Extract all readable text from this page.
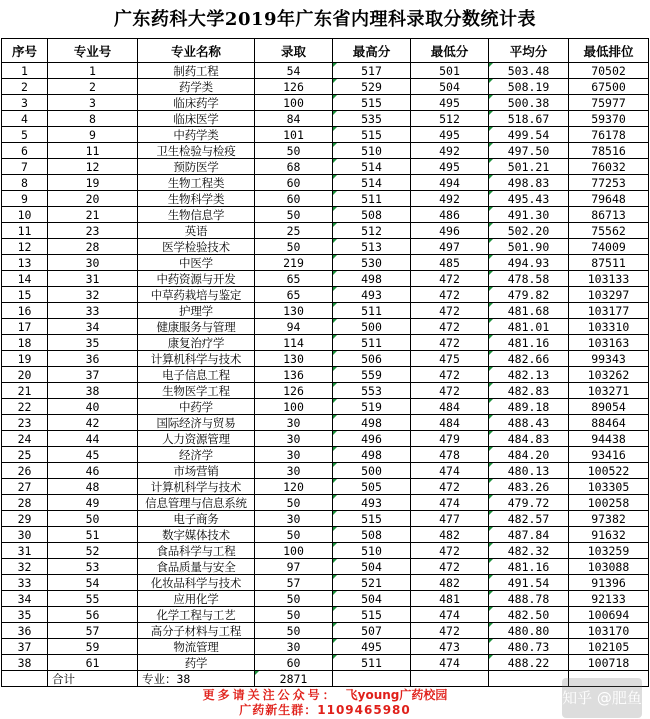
广东药科大学2019年广东省内理科录取分数统计表
序号	专业号	专业名称	录取	最高分	最低分	平均分	最低排位
1	1	制药工程	54	517	501	503.48	70502
2	2	药学类	126	529	504	508.19	67500
3	3	临床药学	100	515	495	500.38	75977
4	8	临床医学	84	535	512	518.67	59370
5	9	中药学类	101	515	495	499.54	76178
6	11	卫生检验与检疫	50	510	492	497.50	78516
7	12	预防医学	68	514	495	501.21	76032
8	19	生物工程类	60	514	494	498.83	77253
9	20	生物科学类	60	511	492	495.43	79648
10	21	生物信息学	50	508	486	491.30	86713
11	23	英语	25	512	496	502.20	75562
12	28	医学检验技术	50	513	497	501.90	74009
13	30	中医学	219	530	485	494.93	87511
14	31	中药资源与开发	65	498	472	478.58	103133
15	32	中草药栽培与鉴定	65	493	472	479.82	103297
16	33	护理学	130	511	472	481.68	103177
17	34	健康服务与管理	94	500	472	481.01	103310
18	35	康复治疗学	114	511	472	481.16	103163
19	36	计算机科学与技术	130	506	475	482.66	99343
20	37	电子信息工程	136	559	472	482.13	103262
21	38	生物医学工程	126	553	472	482.83	103271
22	40	中药学	100	519	484	489.18	89054
23	42	国际经济与贸易	30	498	484	488.43	88464
24	44	人力资源管理	30	496	479	484.83	94438
25	45	经济学	30	498	478	484.20	93416
26	46	市场营销	30	500	474	480.13	100522
27	48	计算机科学与技术	120	505	472	483.26	103305
28	49	信息管理与信息系统	50	493	474	479.72	100258
29	50	电子商务	30	515	477	482.57	97382
30	51	数字媒体技术	50	508	482	487.84	91632
31	52	食品科学与工程	100	510	472	482.32	103259
32	53	食品质量与安全	97	504	472	481.16	103088
33	54	化妆品科学与技术	57	521	482	491.54	91396
34	55	应用化学	50	504	481	488.78	92133
35	56	化学工程与工艺	50	515	474	482.50	100694
36	57	高分子材料与工程	50	507	472	480.80	103170
37	59	物流管理	30	495	473	480.73	102105
38	61	药学	60	511	474	488.22	100718
	合计	专业：38	2871				
更多请关注公众号： 飞young广药校园
广药新生群：1109465980
知乎 @肥鱼
